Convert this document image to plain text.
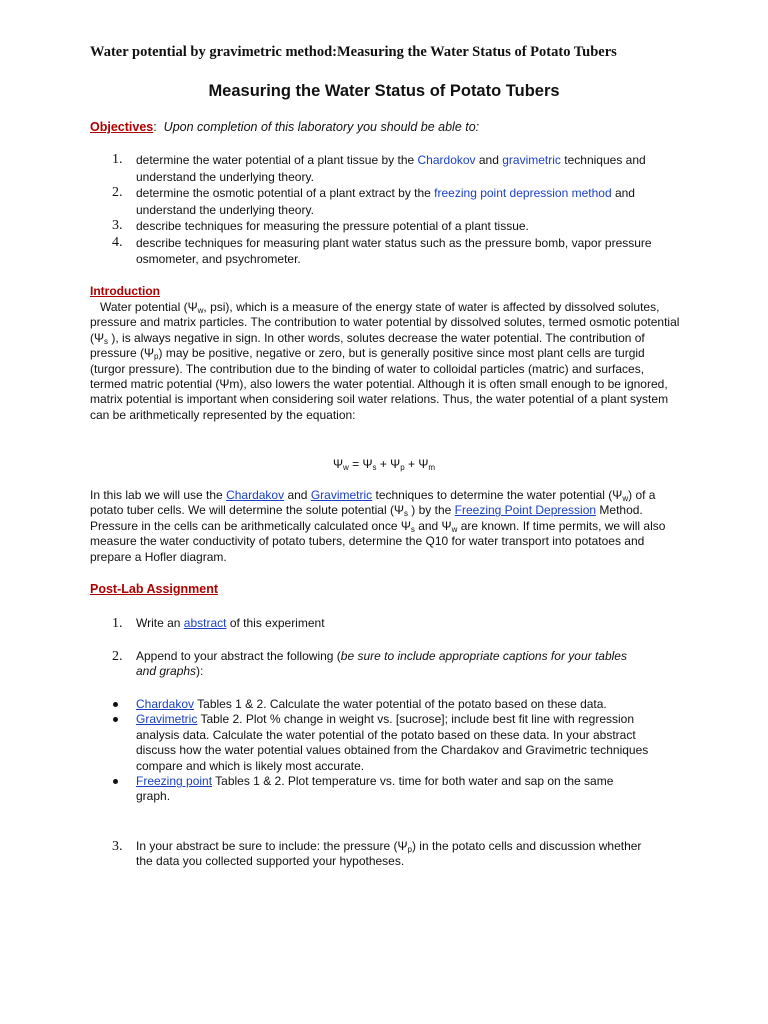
Water potential by gravimetric method:Measuring the Water Status of Potato Tubers
Measuring the Water Status of Potato Tubers
Objectives: Upon completion of this laboratory you should be able to:
1. determine the water potential of a plant tissue by the Chardokov and gravimetric techniques and understand the underlying theory.
2. determine the osmotic potential of a plant extract by the freezing point depression method and understand the underlying theory.
3. describe techniques for measuring the pressure potential of a plant tissue.
4. describe techniques for measuring plant water status such as the pressure bomb, vapor pressure osmometer, and psychrometer.
Introduction
Water potential ($\Psi_w$, psi), which is a measure of the energy state of water is affected by dissolved solutes, pressure and matrix particles. The contribution to water potential by dissolved solutes, termed osmotic potential ($\Psi_s$ ), is always negative in sign. In other words, solutes decrease the water potential. The contribution of pressure $(\Psi_p)$ may be positive, negative or zero, but is generally positive since most plant cells are turgid (turgor pressure). The contribution due to the binding of water to colloidal particles (matric) and surfaces, termed matric potential (Ψm), also lowers the water potential. Although it is often small enough to be ignored, matrix potential is important when considering soil water relations. Thus, the water potential of a plant system can be arithmetically represented by the equation:
$\Psi_w = \Psi_s + \Psi_p + \Psi_m$
In this lab we will use the Chardakov and Gravimetric techniques to determine the water potential $(\Psi_w)$ of a potato tuber cells. We will determine the solute potential ($\Psi_s$ ) by the Freezing Point Depression Method. Pressure in the cells can be arithmetically calculated once $\Psi_s$ and $\Psi_w$ are known. If time permits, we will also measure the water conductivity of potato tubers, determine the Q10 for water transport into potatoes and prepare a Hofler diagram.
Post-Lab Assignment
1. Write an abstract of this experiment
2. Append to your abstract the following (be sure to include appropriate captions for your tables and graphs):
Chardakov Tables 1 & 2. Calculate the water potential of the potato based on these data.
Gravimetric Table 2. Plot % change in weight vs. [sucrose]; include best fit line with regression analysis data. Calculate the water potential of the potato based on these data. In your abstract discuss how the water potential values obtained from the Chardakov and Gravimetric techniques compare and which is likely most accurate.
Freezing point Tables 1 & 2. Plot temperature vs. time for both water and sap on the same graph.
3. In your abstract be sure to include: the pressure $(\Psi_p)$ in the potato cells and discussion whether the data you collected supported your hypotheses.
